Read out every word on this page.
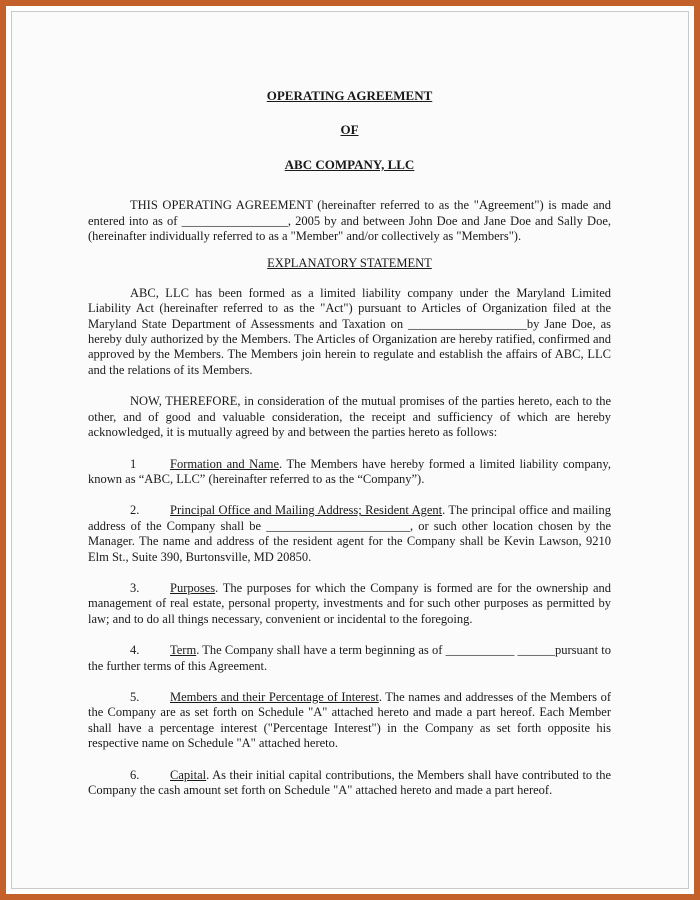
OPERATING AGREEMENT

OF

ABC COMPANY, LLC

THIS OPERATING AGREEMENT (hereinafter referred to as the "Agreement") is made and entered into as of _________________, 2005 by and between John Doe and Jane Doe and Sally Doe, (hereinafter individually referred to as a "Member" and/or collectively as "Members").

EXPLANATORY STATEMENT

ABC, LLC has been formed as a limited liability company under the Maryland Limited Liability Act (hereinafter referred to as the "Act") pursuant to Articles of Organization filed at the Maryland State Department of Assessments and Taxation on ___________________by Jane Doe, as hereby duly authorized by the Members. The Articles of Organization are hereby ratified, confirmed and approved by the Members. The Members join herein to regulate and establish the affairs of ABC, LLC and the relations of its Members.

NOW, THEREFORE, in consideration of the mutual promises of the parties hereto, each to the other, and of good and valuable consideration, the receipt and sufficiency of which are hereby acknowledged, it is mutually agreed by and between the parties hereto as follows:

1	Formation and Name. The Members have hereby formed a limited liability company, known as “ABC, LLC” (hereinafter referred to as the “Company”).

2. Principal Office and Mailing Address; Resident Agent. The principal office and mailing address of the Company shall be _______________________, or such other location chosen by the Manager. The name and address of the resident agent for the Company shall be Kevin Lawson, 9210 Elm St., Suite 390, Burtonsville, MD 20850.

3. Purposes. The purposes for which the Company is formed are for the ownership and management of real estate, personal property, investments and for such other purposes as permitted by law; and to do all things necessary, convenient or incidental to the foregoing.

4. Term. The Company shall have a term beginning as of ___________ ______pursuant to the further terms of this Agreement.

5. Members and their Percentage of Interest. The names and addresses of the Members of the Company are as set forth on Schedule "A" attached hereto and made a part hereof. Each Member shall have a percentage interest ("Percentage Interest") in the Company as set forth opposite his respective name on Schedule "A" attached hereto.

6. Capital. As their initial capital contributions, the Members shall have contributed to the Company the cash amount set forth on Schedule "A" attached hereto and made a part hereof.
